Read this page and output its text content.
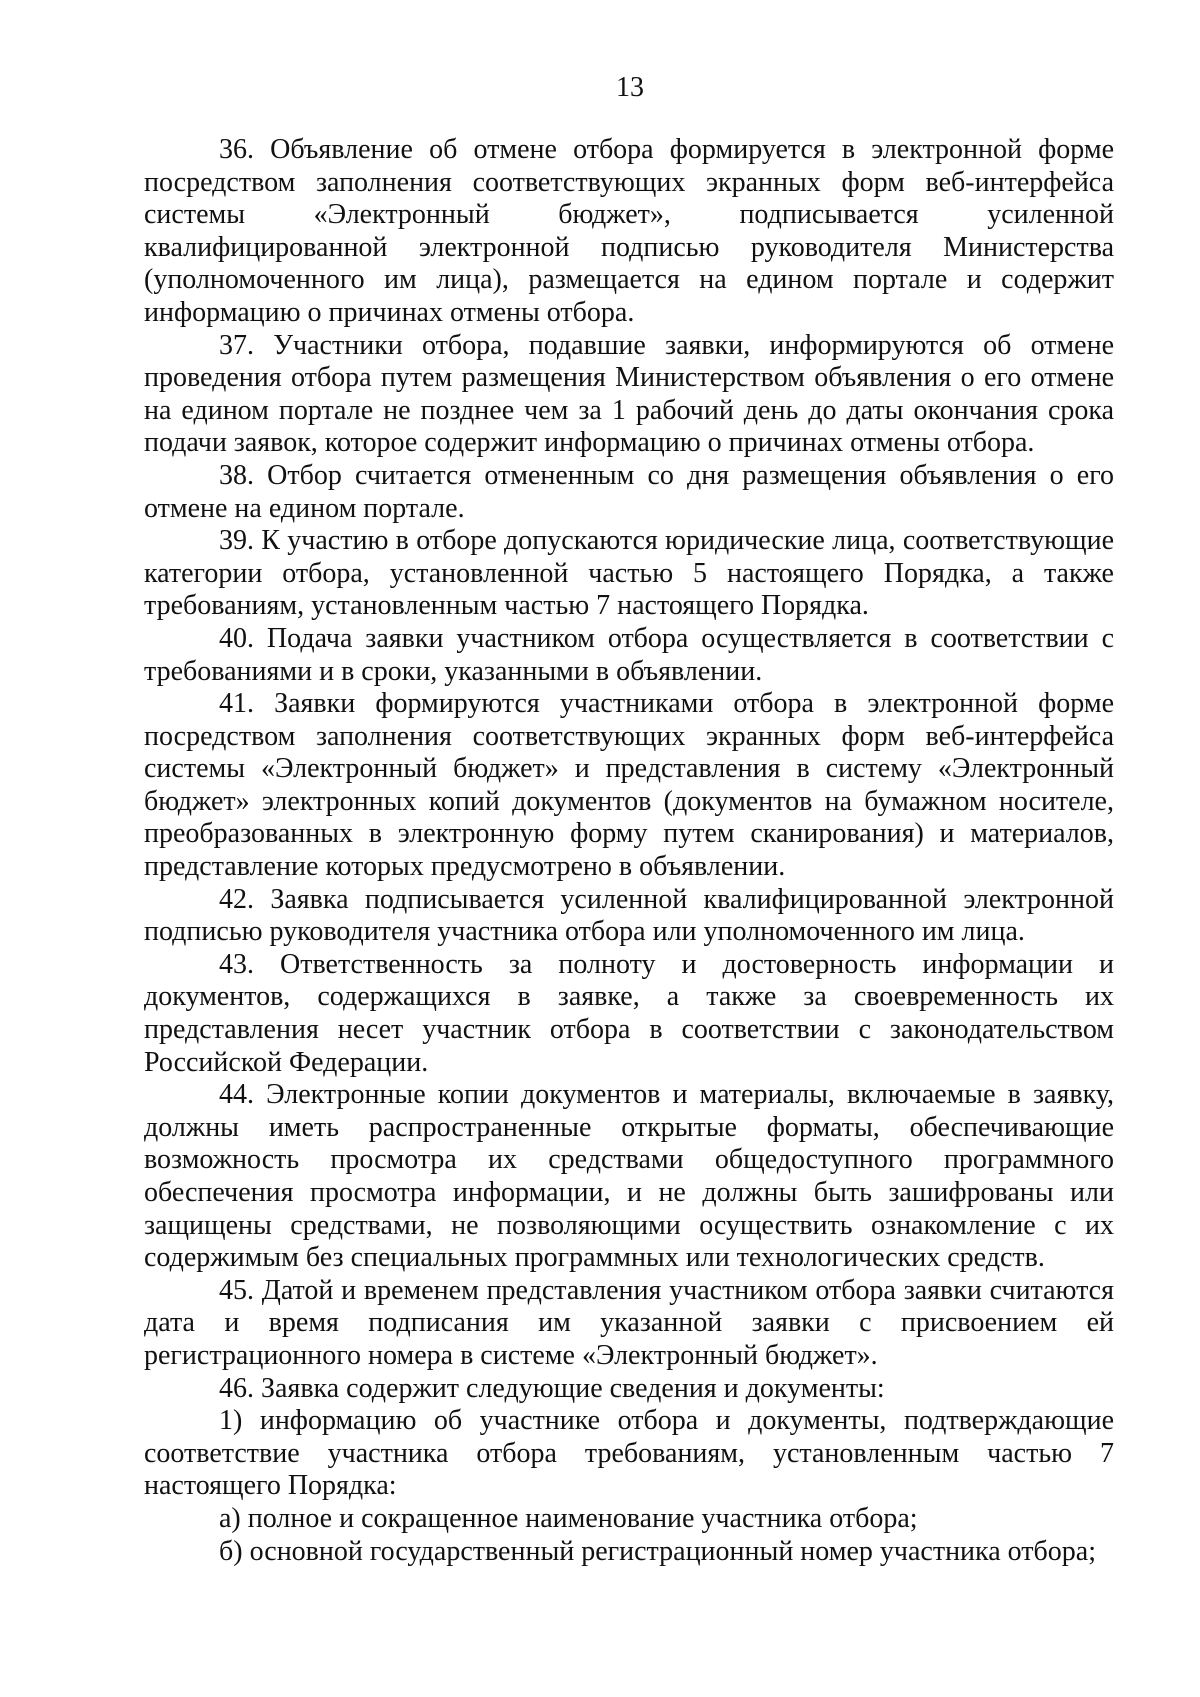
13

36. Объявление об отмене отбора формируется в электронной форме посредством заполнения соответствующих экранных форм веб-интерфейса системы «Электронный бюджет», подписывается усиленной квалифицированной электронной подписью руководителя Министерства (уполномоченного им лица), размещается на едином портале и содержит информацию о причинах отмены отбора.

37. Участники отбора, подавшие заявки, информируются об отмене проведения отбора путем размещения Министерством объявления о его отмене на едином портале не позднее чем за 1 рабочий день до даты окончания срока подачи заявок, которое содержит информацию о причинах отмены отбора.

38. Отбор считается отмененным со дня размещения объявления о его отмене на едином портале.

39. К участию в отборе допускаются юридические лица, соответствующие категории отбора, установленной частью 5 настоящего Порядка, а также требованиям, установленным частью 7 настоящего Порядка.

40. Подача заявки участником отбора осуществляется в соответствии с требованиями и в сроки, указанными в объявлении.

41. Заявки формируются участниками отбора в электронной форме посредством заполнения соответствующих экранных форм веб-интерфейса системы «Электронный бюджет» и представления в систему «Электронный бюджет» электронных копий документов (документов на бумажном носителе, преобразованных в электронную форму путем сканирования) и материалов, представление которых предусмотрено в объявлении.

42. Заявка подписывается усиленной квалифицированной электронной подписью руководителя участника отбора или уполномоченного им лица.

43. Ответственность за полноту и достоверность информации и документов, содержащихся в заявке, а также за своевременность их представления несет участник отбора в соответствии с законодательством Российской Федерации.

44. Электронные копии документов и материалы, включаемые в заявку, должны иметь распространенные открытые форматы, обеспечивающие возможность просмотра их средствами общедоступного программного обеспечения просмотра информации, и не должны быть зашифрованы или защищены средствами, не позволяющими осуществить ознакомление с их содержимым без специальных программных или технологических средств.

45. Датой и временем представления участником отбора заявки считаются дата и время подписания им указанной заявки с присвоением ей регистрационного номера в системе «Электронный бюджет».

46. Заявка содержит следующие сведения и документы:

1) информацию об участнике отбора и документы, подтверждающие соответствие участника отбора требованиям, установленным частью 7 настоящего Порядка:

а) полное и сокращенное наименование участника отбора;

б) основной государственный регистрационный номер участника отбора;
